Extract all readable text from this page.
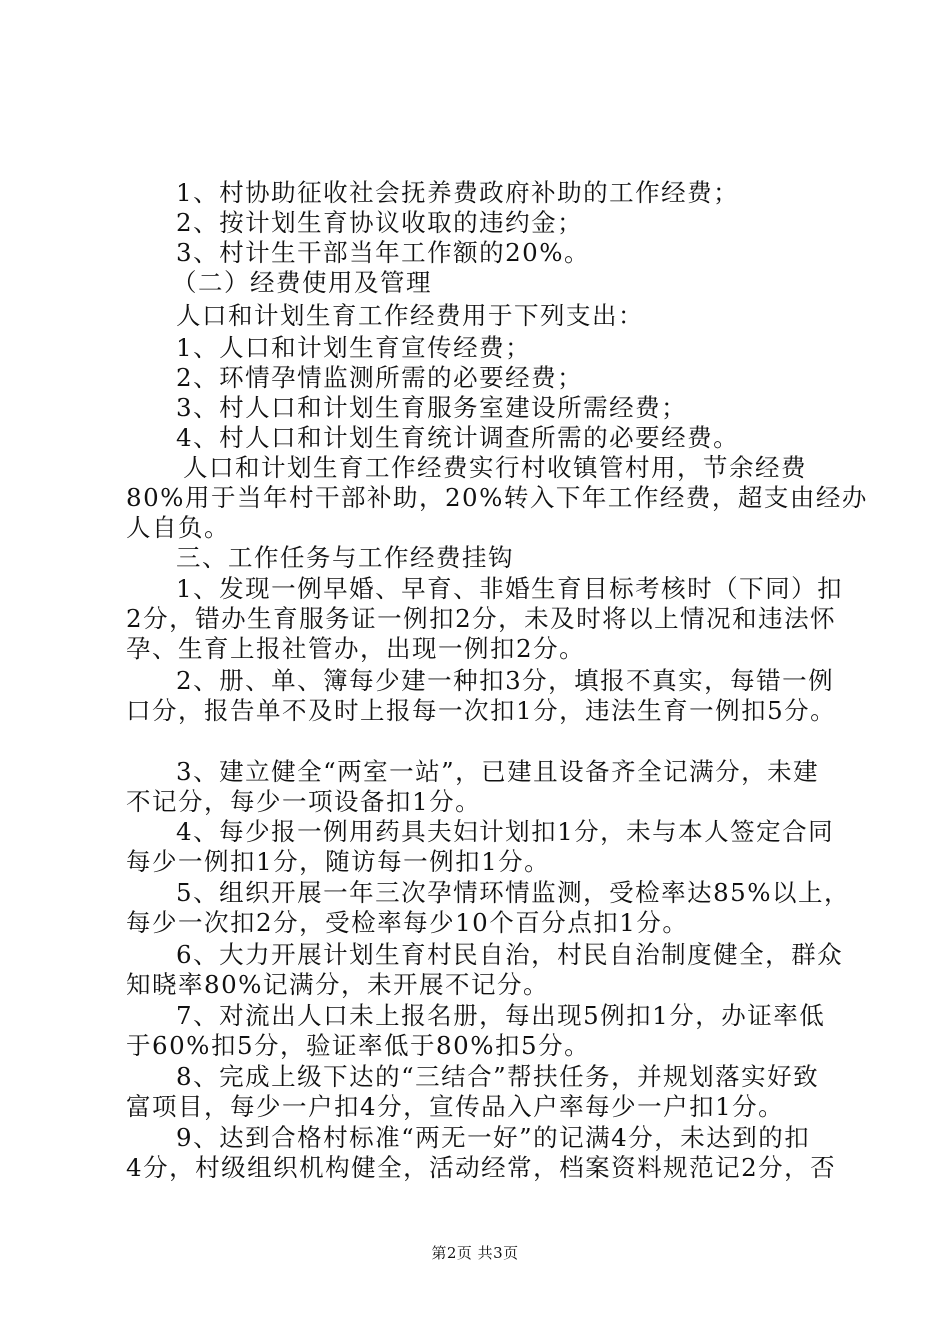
1、村协助征收社会抚养费政府补助的工作经费；
2、按计划生育协议收取的违约金；
3、村计生干部当年工作额的20%。
（二）经费使用及管理
人口和计划生育工作经费用于下列支出：
1、人口和计划生育宣传经费；
2、环情孕情监测所需的必要经费；
3、村人口和计划生育服务室建设所需经费；
4、村人口和计划生育统计调查所需的必要经费。
人口和计划生育工作经费实行村收镇管村用，节余经费
80%用于当年村干部补助，20%转入下年工作经费，超支由经办
人自负。
三、工作任务与工作经费挂钩
1、发现一例早婚、早育、非婚生育目标考核时（下同）扣
2分，错办生育服务证一例扣2分，未及时将以上情况和违法怀
孕、生育上报社管办，出现一例扣2分。
2、册、单、簿每少建一种扣3分，填报不真实，每错一例
口分，报告单不及时上报每一次扣1分，违法生育一例扣5分。
3、建立健全“两室一站”，已建且设备齐全记满分，未建
不记分，每少一项设备扣1分。
4、每少报一例用药具夫妇计划扣1分，未与本人签定合同
每少一例扣1分，随访每一例扣1分。
5、组织开展一年三次孕情环情监测，受检率达85%以上，
每少一次扣2分，受检率每少10个百分点扣1分。
6、大力开展计划生育村民自治，村民自治制度健全，群众
知晓率80%记满分，未开展不记分。
7、对流出人口未上报名册，每出现5例扣1分，办证率低
于60%扣5分，验证率低于80%扣5分。
8、完成上级下达的“三结合”帮扶任务，并规划落实好致
富项目，每少一户扣4分，宣传品入户率每少一户扣1分。
9、达到合格村标准“两无一好”的记满4分，未达到的扣
4分，村级组织机构健全，活动经常，档案资料规范记2分，否
第2页 共3页
